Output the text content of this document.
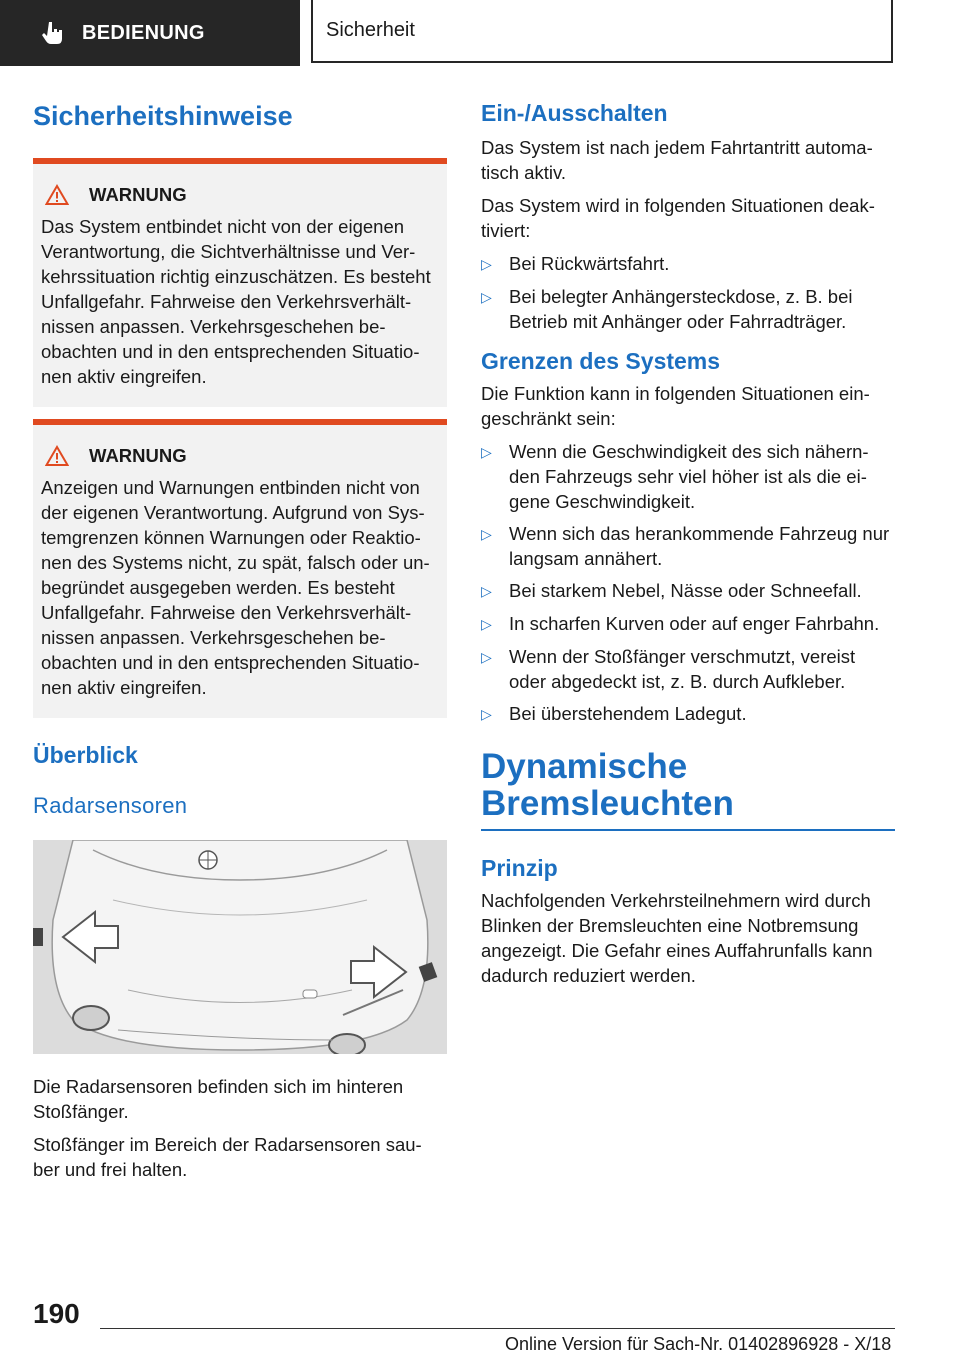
BEDIENUNG	Sicherheit
Sicherheitshinweise
WARNUNG

Das System entbindet nicht von der eigenen Verantwortung, die Sichtverhältnisse und Ver-kehrssituation richtig einzuschätzen. Es besteht Unfallgefahr. Fahrweise den Verkehrsverhält-nissen anpassen. Verkehrsgeschehen be-obachten und in den entsprechenden Situatio-nen aktiv eingreifen.

WARNUNG

Anzeigen und Warnungen entbinden nicht von der eigenen Verantwortung. Aufgrund von Sys-temgrenzen können Warnungen oder Reaktio-nen des Systems nicht, zu spät, falsch oder un-begründet ausgegeben werden. Es besteht Unfallgefahr. Fahrweise den Verkehrsverhält-nissen anpassen. Verkehrsgeschehen be-obachten und in den entsprechenden Situatio-nen aktiv eingreifen.

Überblick
Radarsensoren

Die Radarsensoren befinden sich im hinteren Stoßfänger.

Stoßfänger im Bereich der Radarsensoren sau-ber und frei halten.

Ein-/Ausschalten

Das System ist nach jedem Fahrtantritt automa-tisch aktiv.

Das System wird in folgenden Situationen deak-tiviert:

▷ Bei Rückwärtsfahrt.
▷ Bei belegter Anhängersteckdose, z. B. bei Betrieb mit Anhänger oder Fahrradträger.
Grenzen des Systems

Die Funktion kann in folgenden Situationen ein-geschränkt sein:

▷ Wenn die Geschwindigkeit des sich nähern-den Fahrzeugs sehr viel höher ist als die ei-gene Geschwindigkeit.
▷ Wenn sich das herankommende Fahrzeug nur langsam annähert.
▷ Bei starkem Nebel, Nässe oder Schneefall.
▷ In scharfen Kurven oder auf enger Fahrbahn.
▷ Wenn der Stoßfänger verschmutzt, vereist oder abgedeckt ist, z. B. durch Aufkleber.
▷ Bei überstehendem Ladegut.
Dynamische
Bremsleuchten
Prinzip

Nachfolgenden Verkehrsteilnehmern wird durch Blinken der Bremsleuchten eine Notbremsung angezeigt. Die Gefahr eines Auffahrunfalls kann dadurch reduziert werden.

190
Online Version für Sach-Nr. 01402896928 - X/18
